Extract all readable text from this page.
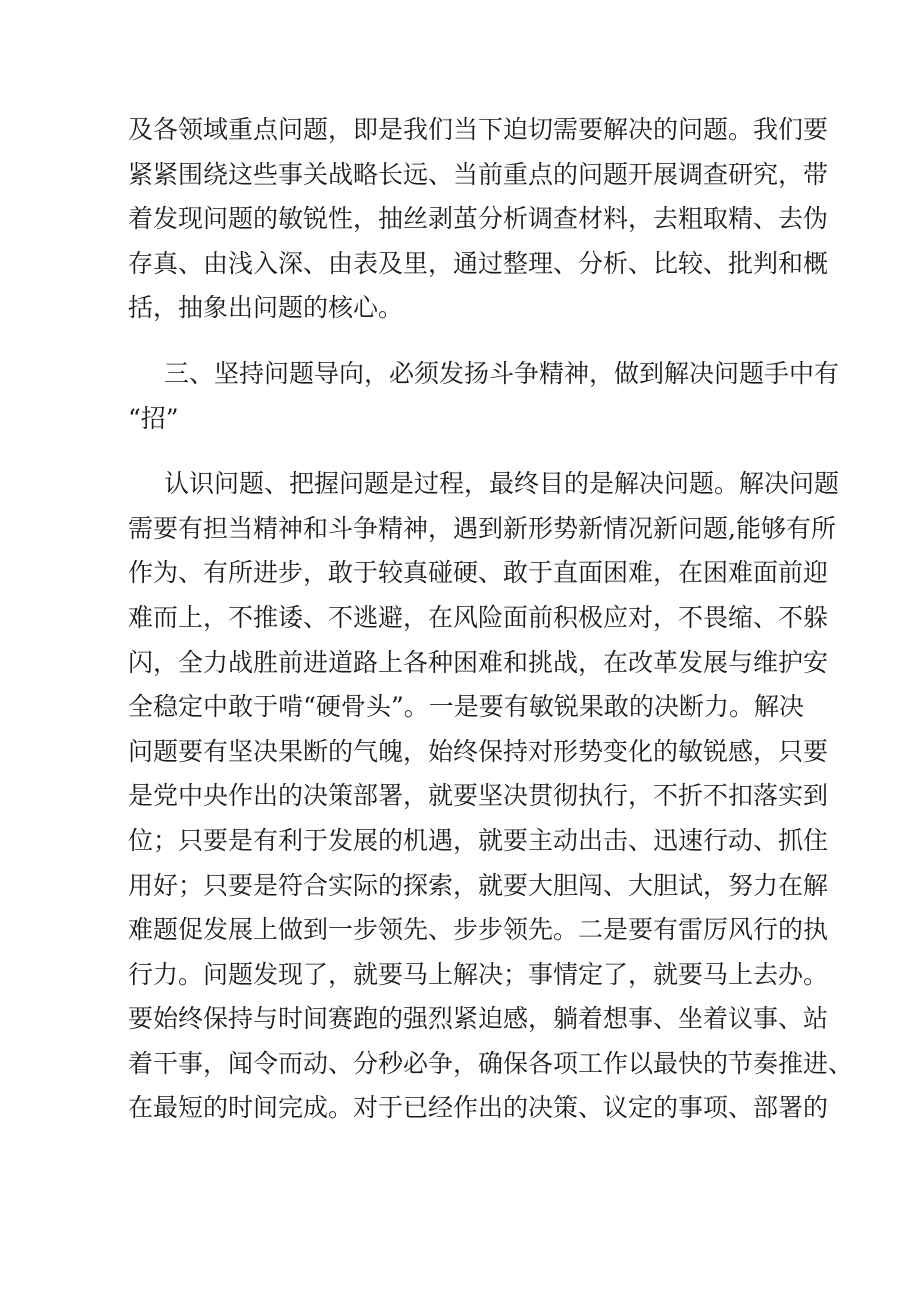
及各领域重点问题，即是我们当下迫切需要解决的问题。我们要
紧紧围绕这些事关战略长远、当前重点的问题开展调查研究，带
着发现问题的敏锐性，抽丝剥茧分析调查材料，去粗取精、去伪
存真、由浅入深、由表及里，通过整理、分析、比较、批判和概
括，抽象出问题的核心。
三、坚持问题导向，必须发扬斗争精神，做到解决问题手中有
“招”
认识问题、把握问题是过程，最终目的是解决问题。解决问题
需要有担当精神和斗争精神，遇到新形势新情况新问题,能够有所
作为、有所进步，敢于较真碰硬、敢于直面困难，在困难面前迎
难而上，不推诿、不逃避，在风险面前积极应对，不畏缩、不躲
闪，全力战胜前进道路上各种困难和挑战，在改革发展与维护安
全稳定中敢于啃“硬骨头”。一是要有敏锐果敢的决断力。解决
问题要有坚决果断的气魄，始终保持对形势变化的敏锐感，只要
是党中央作出的决策部署，就要坚决贯彻执行，不折不扣落实到
位；只要是有利于发展的机遇，就要主动出击、迅速行动、抓住
用好；只要是符合实际的探索，就要大胆闯、大胆试，努力在解
难题促发展上做到一步领先、步步领先。二是要有雷厉风行的执
行力。问题发现了，就要马上解决；事情定了，就要马上去办。
要始终保持与时间赛跑的强烈紧迫感，躺着想事、坐着议事、站
着干事，闻令而动、分秒必争，确保各项工作以最快的节奏推进、
在最短的时间完成。对于已经作出的决策、议定的事项、部署的
